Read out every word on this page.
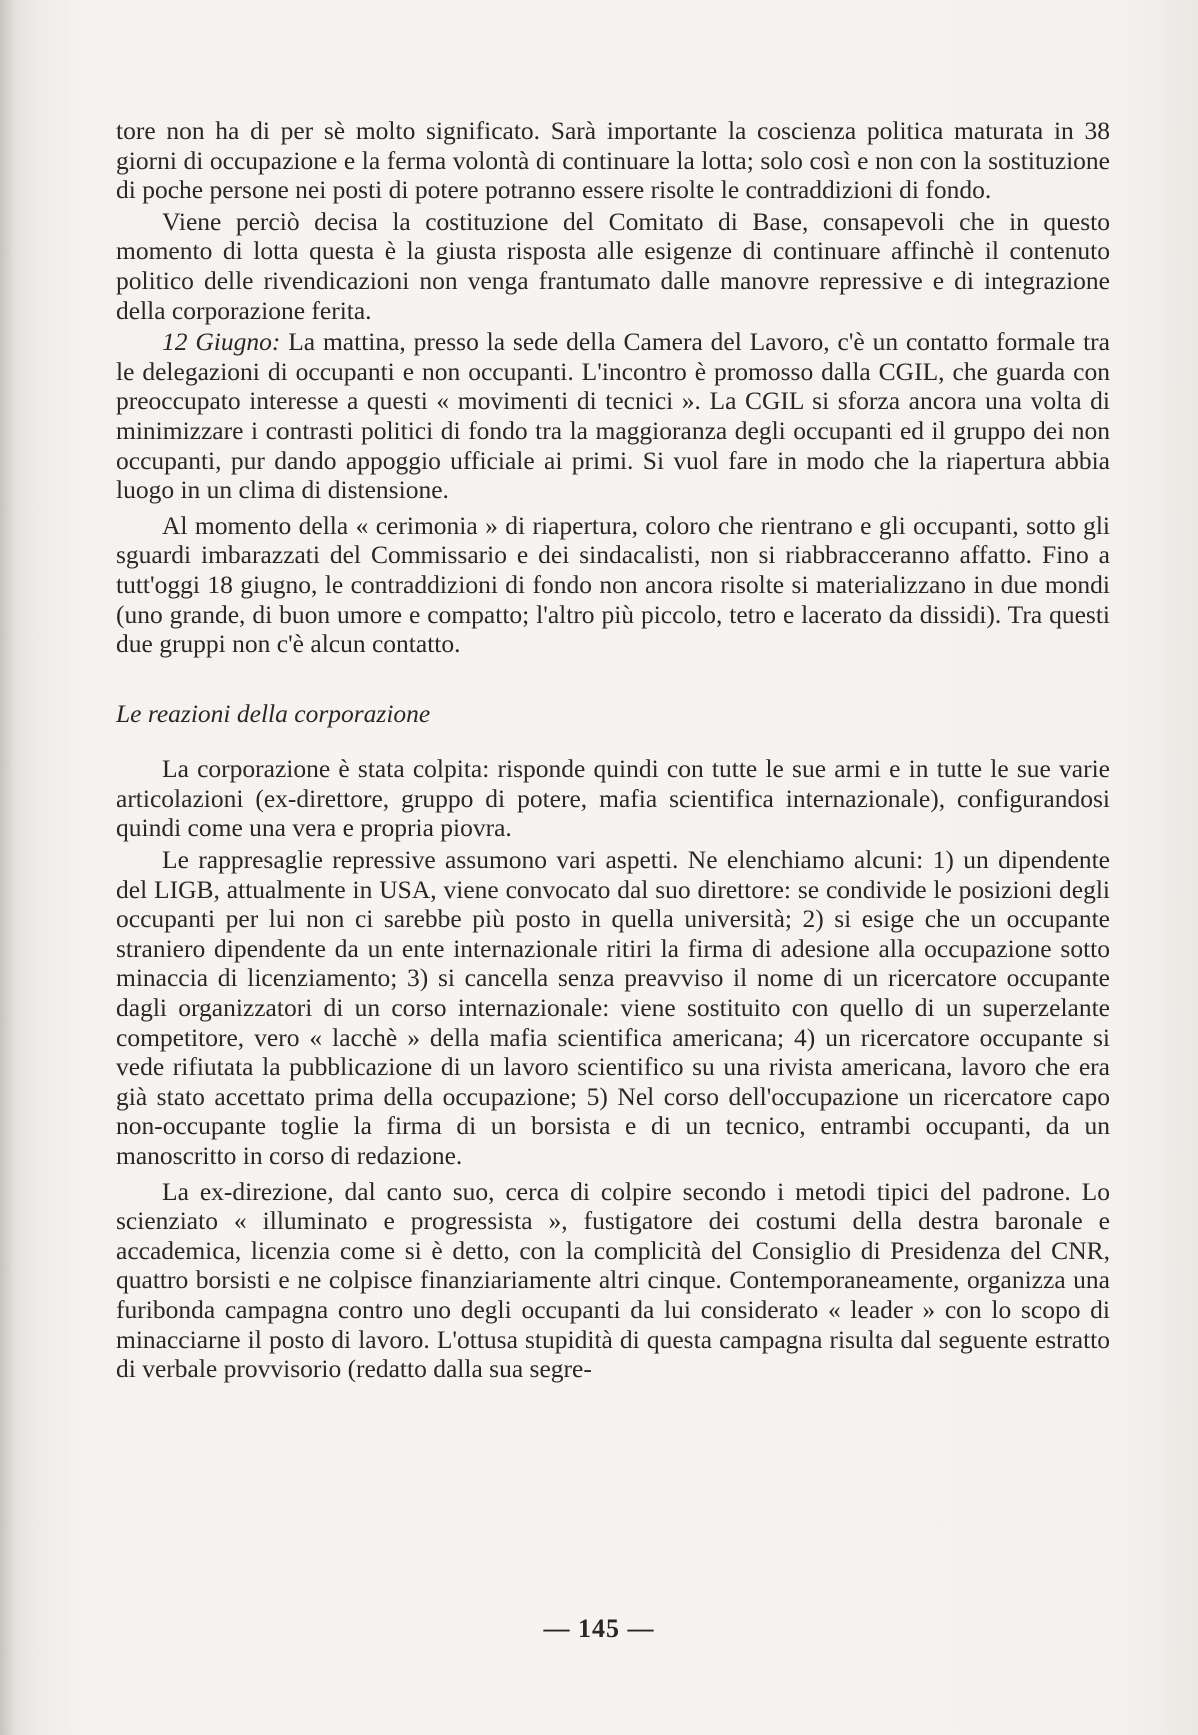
tore non ha di per sè molto significato. Sarà importante la coscienza politica maturata in 38 giorni di occupazione e la ferma volontà di continuare la lotta; solo così e non con la sostituzione di poche persone nei posti di potere potranno essere risolte le contraddizioni di fondo.

Viene perciò decisa la costituzione del Comitato di Base, consapevoli che in questo momento di lotta questa è la giusta risposta alle esigenze di continuare affinchè il contenuto politico delle rivendicazioni non venga frantumato dalle manovre repressive e di integrazione della corporazione ferita.

12 Giugno: La mattina, presso la sede della Camera del Lavoro, c'è un contatto formale tra le delegazioni di occupanti e non occupanti. L'incontro è promosso dalla CGIL, che guarda con preoccupato interesse a questi « movimenti di tecnici ». La CGIL si sforza ancora una volta di minimizzare i contrasti politici di fondo tra la maggioranza degli occupanti ed il gruppo dei non occupanti, pur dando appoggio ufficiale ai primi. Si vuol fare in modo che la riapertura abbia luogo in un clima di distensione.

Al momento della « cerimonia » di riapertura, coloro che rientrano e gli occupanti, sotto gli sguardi imbarazzati del Commissario e dei sindacalisti, non si riabbracceranno affatto. Fino a tutt'oggi 18 giugno, le contraddizioni di fondo non ancora risolte si materializzano in due mondi (uno grande, di buon umore e compatto; l'altro più piccolo, tetro e lacerato da dissidi). Tra questi due gruppi non c'è alcun contatto.

Le reazioni della corporazione

La corporazione è stata colpita: risponde quindi con tutte le sue armi e in tutte le sue varie articolazioni (ex-direttore, gruppo di potere, mafia scientifica internazionale), configurandosi quindi come una vera e propria piovra.

Le rappresaglie repressive assumono vari aspetti. Ne elenchiamo alcuni: 1) un dipendente del LIGB, attualmente in USA, viene convocato dal suo direttore: se condivide le posizioni degli occupanti per lui non ci sarebbe più posto in quella università; 2) si esige che un occupante straniero dipendente da un ente internazionale ritiri la firma di adesione alla occupazione sotto minaccia di licenziamento; 3) si cancella senza preavviso il nome di un ricercatore occupante dagli organizzatori di un corso internazionale: viene sostituito con quello di un superzelante competitore, vero « lacchè » della mafia scientifica americana; 4) un ricercatore occupante si vede rifiutata la pubblicazione di un lavoro scientifico su una rivista americana, lavoro che era già stato accettato prima della occupazione; 5) Nel corso dell'occupazione un ricercatore capo non-occupante toglie la firma di un borsista e di un tecnico, entrambi occupanti, da un manoscritto in corso di redazione.

La ex-direzione, dal canto suo, cerca di colpire secondo i metodi tipici del padrone. Lo scienziato « illuminato e progressista », fustigatore dei costumi della destra baronale e accademica, licenzia come si è detto, con la complicità del Consiglio di Presidenza del CNR, quattro borsisti e ne colpisce finanziariamente altri cinque. Contemporaneamente, organizza una furibonda campagna contro uno degli occupanti da lui considerato « leader » con lo scopo di minacciarne il posto di lavoro. L'ottusa stupidità di questa campagna risulta dal seguente estratto di verbale provvisorio (redatto dalla sua segre-

— 145 —
